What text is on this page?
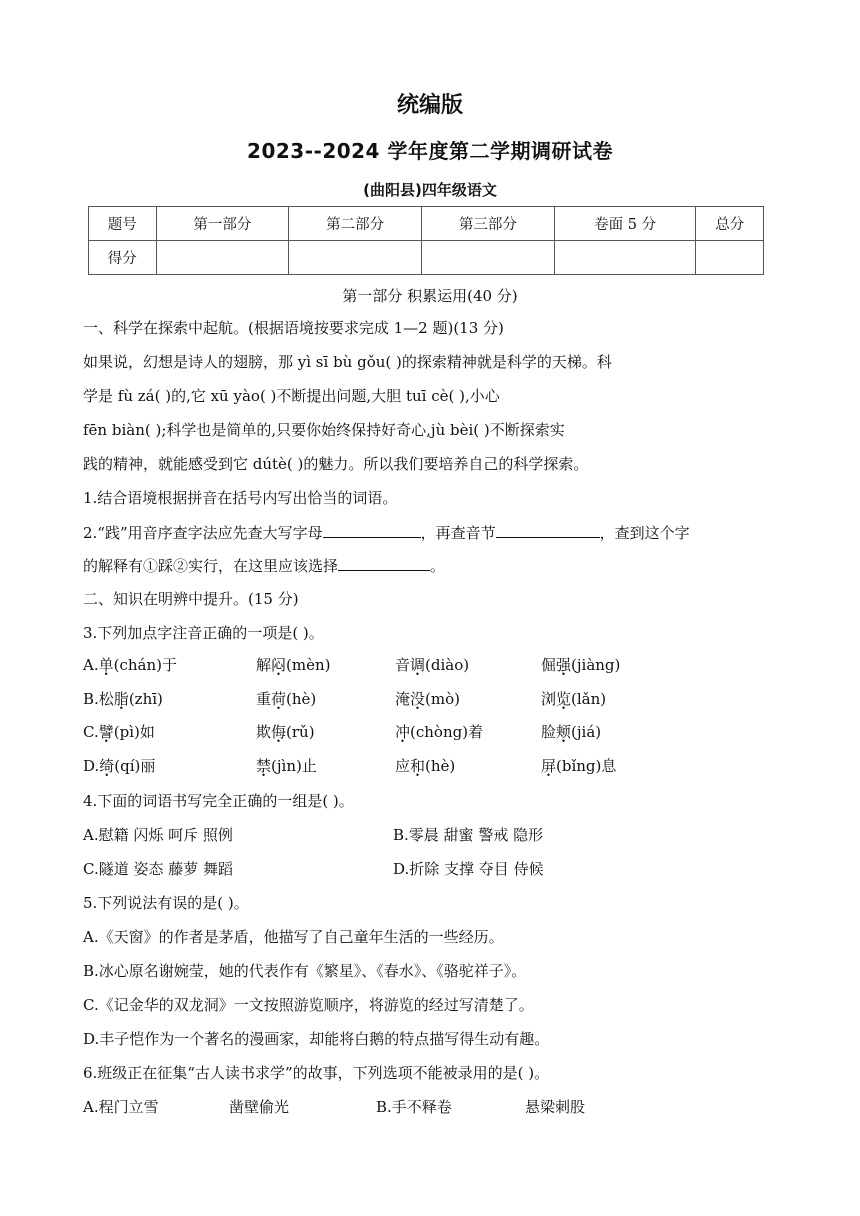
统编版
2023--2024 学年度第二学期调研试卷
(曲阳县)四年级语文
题号	第一部分	第二部分	第三部分	卷面 5 分	总分
得分					
第一部分 积累运用(40 分)
一、科学在探索中起航。(根据语境按要求完成 1—2 题)(13 分)
如果说，幻想是诗人的翅膀，那 yì sī bù gǒu( )的探索精神就是科学的天梯。科
学是 fù zá( )的,它 xū yào( )不断提出问题,大胆 tuī cè( ),小心
fēn biàn( );科学也是简单的,只要你始终保持好奇心,jù bèi( )不断探索实
践的精神，就能感受到它 dútè( )的魅力。所以我们要培养自己的科学探索。
1.结合语境根据拼音在括号内写出恰当的词语。
2.“践”用音序查字法应先查大写字母	，再查音节	，查到这个字
的解释有①踩②实行，在这里应该选择	。
二、知识在明辨中提升。(15 分)
3.下列加点字注音正确的一项是( )。
A.单(chán)于	解闷(mèn)	音调(diào)	倔强(jiàng)
B.松脂(zhī)	重荷(hè)	淹没(mò)	浏览(lǎn)
C.譬(pì)如	欺侮(rǔ)	冲(chòng)着	脸颊(jiá)
D.绮(qí)丽	禁(jìn)止	应和(hè)	屏(bǐng)息
4.下面的词语书写完全正确的一组是( )。
A.慰籍 闪烁 呵斥 照例	B.零晨 甜蜜 警戒 隐形
C.隧道 姿态 藤萝 舞蹈	D.折除 支撑 夺目 侍候
5.下列说法有误的是( )。
A.《天窗》的作者是茅盾，他描写了自己童年生活的一些经历。
B.冰心原名谢婉莹，她的代表作有《繁星》、《春水》、《骆驼祥子》。
C.《记金华的双龙洞》一文按照游览顺序，将游览的经过写清楚了。
D.丰子恺作为一个著名的漫画家，却能将白鹅的特点描写得生动有趣。
6.班级正在征集“古人读书求学”的故事，下列选项不能被录用的是( )。
A.程门立雪	凿壁偷光	B.手不释卷	悬梁刺股
